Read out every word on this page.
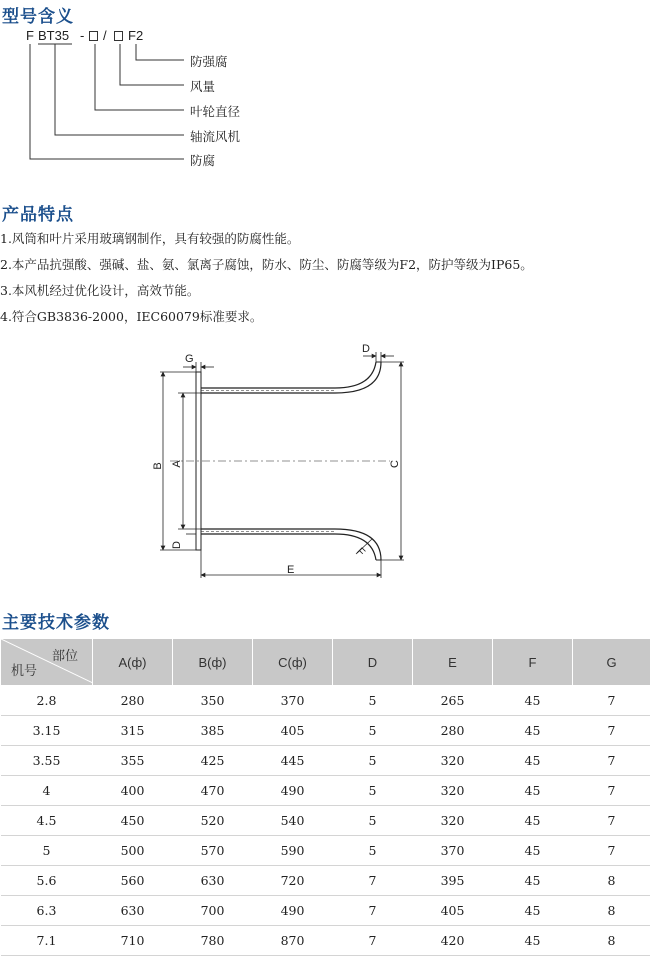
型号含义
F BT35 - / F2
防强腐
风量
叶轮直径
轴流风机
防腐
产品特点
1.风筒和叶片采用玻璃钢制作，具有较强的防腐性能。
2.本产品抗强酸、强碱、盐、氨、氯离子腐蚀，防水、防尘、防腐等级为F2，防护等级为IP65。
3.本风机经过优化设计，高效节能。
4.符合GB3836-2000，IEC60079标准要求。
G
D
B A	C
D
F
E
主要技术参数
部位
机号	A(ф)	B(ф)	C(ф)	D	E	F	G
2.8	280	350	370	5	265	45	7
3.15	315	385	405	5	280	45	7
3.55	355	425	445	5	320	45	7
4	400	470	490	5	320	45	7
4.5	450	520	540	5	320	45	7
5	500	570	590	5	370	45	7
5.6	560	630	720	7	395	45	8
6.3	630	700	490	7	405	45	8
7.1	710	780	870	7	420	45	8
